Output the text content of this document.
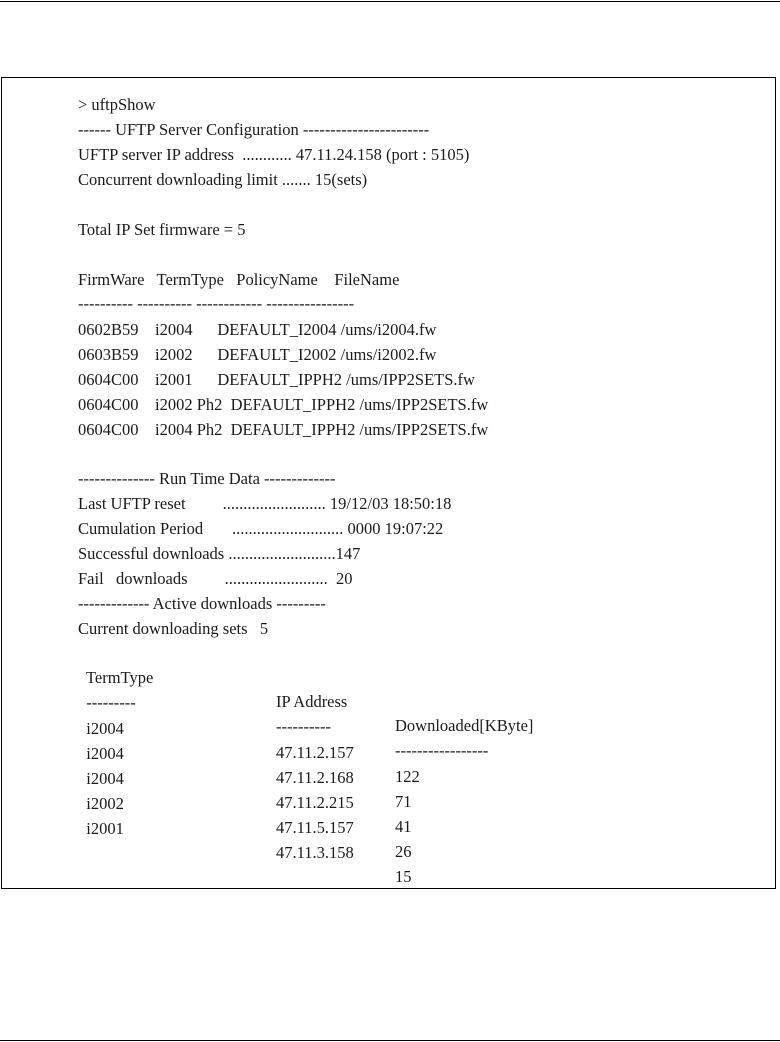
> uftpShow
------ UFTP Server Configuration -----------------------
UFTP server IP address  ............ 47.11.24.158 (port : 5105)
Concurrent downloading limit ....... 15(sets)
Total IP Set firmware = 5
FirmWare   TermType   PolicyName    FileName
---------- ---------- ------------ ----------------
0602B59    i2004      DEFAULT_I2004 /ums/i2004.fw
0603B59    i2002      DEFAULT_I2002 /ums/i2002.fw
0604C00    i2001      DEFAULT_IPPH2 /ums/IPP2SETS.fw
0604C00    i2002 Ph2  DEFAULT_IPPH2 /ums/IPP2SETS.fw
0604C00    i2004 Ph2  DEFAULT_IPPH2 /ums/IPP2SETS.fw
-------------- Run Time Data -------------
Last UFTP reset         ......................... 19/12/03 18:50:18
Cumulation Period       ........................... 0000 19:07:22
Successful downloads ..........................147
Fail   downloads         .........................  20
------------- Active downloads ---------
Current downloading sets   5

TermType

IP Address

Downloaded[KByte]

---------

----------

-----------------

i2004

47.11.2.157

122

i2004

47.11.2.168

71

i2004

47.11.2.215

41

i2002

47.11.5.157

26

i2001

47.11.3.158

15
